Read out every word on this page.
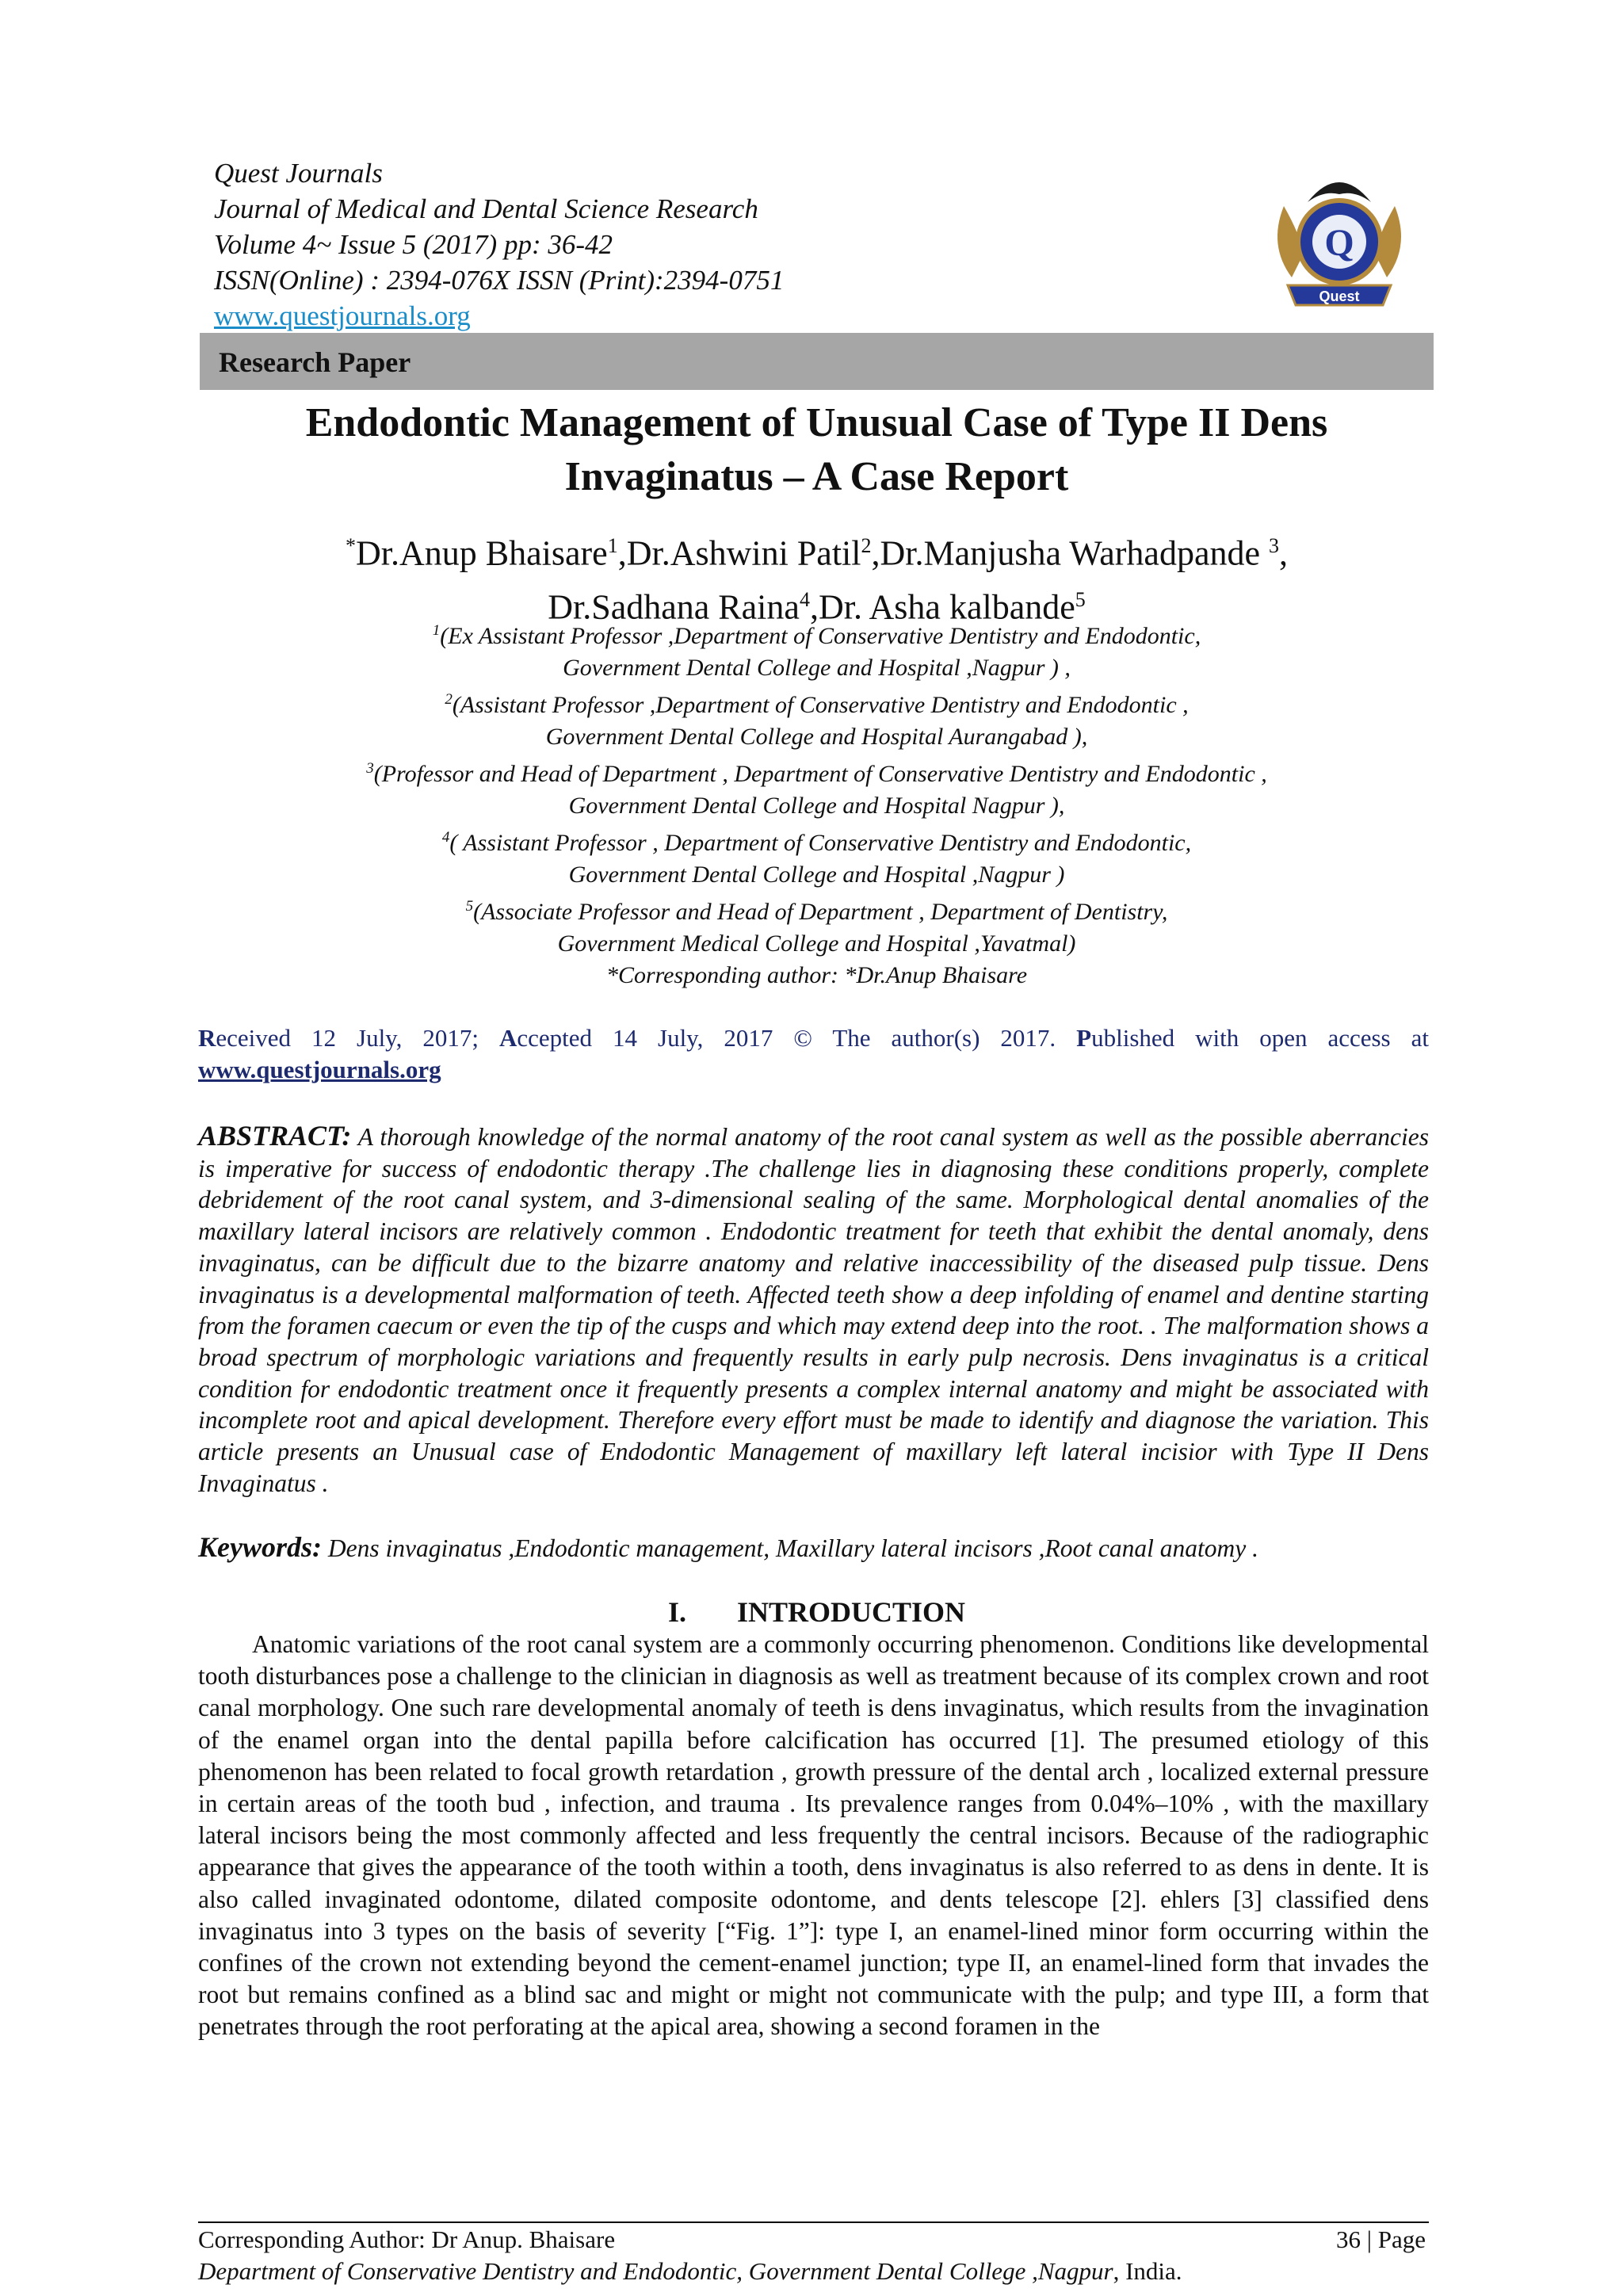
Quest Journals
Journal of Medical and Dental Science Research
Volume 4~ Issue 5 (2017) pp: 36-42
ISSN(Online) : 2394-076X ISSN (Print):2394-0751
www.questjournals.org
Q
Quest
Research Paper
Endodontic Management of Unusual Case of Type II Dens
Invaginatus – A Case Report
*Dr.Anup Bhaisare$^1$,Dr.Ashwini Patil$^2$,Dr.Manjusha Warhadpande $^3$,
Dr.Sadhana Raina$^4$,Dr. Asha kalbande$^5$
$^1$(Ex Assistant Professor ,Department of Conservative Dentistry and Endodontic,
Government Dental College and Hospital ,Nagpur ) ,
$^2$(Assistant Professor ,Department of Conservative Dentistry and Endodontic ,
Government Dental College and Hospital Aurangabad ),
$^3$(Professor and Head of Department , Department of Conservative Dentistry and Endodontic ,
Government Dental College and Hospital Nagpur ),
$^4$( Assistant Professor , Department of Conservative Dentistry and Endodontic,
Government Dental College and Hospital ,Nagpur )
$^5$(Associate Professor and Head of Department , Department of Dentistry,
Government Medical College and Hospital ,Yavatmal)
*Corresponding author: *Dr.Anup Bhaisare
Received 12 July, 2017; Accepted 14 July, 2017 © The author(s) 2017. Published with open access at
www.questjournals.org
ABSTRACT: A thorough knowledge of the normal anatomy of the root canal system as well as the possible aberrancies is imperative for success of endodontic therapy .The challenge lies in diagnosing these conditions properly, complete debridement of the root canal system, and 3-dimensional sealing of the same. Morphological dental anomalies of the maxillary lateral incisors are relatively common . Endodontic treatment for teeth that exhibit the dental anomaly, dens invaginatus, can be difficult due to the bizarre anatomy and relative inaccessibility of the diseased pulp tissue. Dens invaginatus is a developmental malformation of teeth. Affected teeth show a deep infolding of enamel and dentine starting from the foramen caecum or even the tip of the cusps and which may extend deep into the root. . The malformation shows a broad spectrum of morphologic variations and frequently results in early pulp necrosis. Dens invaginatus is a critical condition for endodontic treatment once it frequently presents a complex internal anatomy and might be associated with incomplete root and apical development. Therefore every effort must be made to identify and diagnose the variation. This article presents an Unusual case of Endodontic Management of maxillary left lateral incisior with Type II Dens Invaginatus .
Keywords: Dens invaginatus ,Endodontic management, Maxillary lateral incisors ,Root canal anatomy .
I. INTRODUCTION

Anatomic variations of the root canal system are a commonly occurring phenomenon. Conditions like developmental tooth disturbances pose a challenge to the clinician in diagnosis as well as treatment because of its complex crown and root canal morphology. One such rare developmental anomaly of teeth is dens invaginatus, which results from the invagination of the enamel organ into the dental papilla before calcification has occurred [1]. The presumed etiology of this phenomenon has been related to focal growth retardation , growth pressure of the dental arch , localized external pressure in certain areas of the tooth bud , infection, and trauma . Its prevalence ranges from 0.04%–10% , with the maxillary lateral incisors being the most commonly affected and less frequently the central incisors. Because of the radiographic appearance that gives the appearance of the tooth within a tooth, dens invaginatus is also referred to as dens in dente. It is also called invaginated odontome, dilated composite odontome, and dents telescope [2]. ehlers [3] classified dens invaginatus into 3 types on the basis of severity [“Fig. 1”]: type I, an enamel-lined minor form occurring within the confines of the crown not extending beyond the cement-enamel junction; type II, an enamel-lined form that invades the root but remains confined as a blind sac and might or might not communicate with the pulp; and type III, a form that penetrates through the root perforating at the apical area, showing a second foramen in the

Corresponding Author: Dr Anup. Bhaisare	36 | Page
Department of Conservative Dentistry and Endodontic, Government Dental College ,Nagpur, India.
